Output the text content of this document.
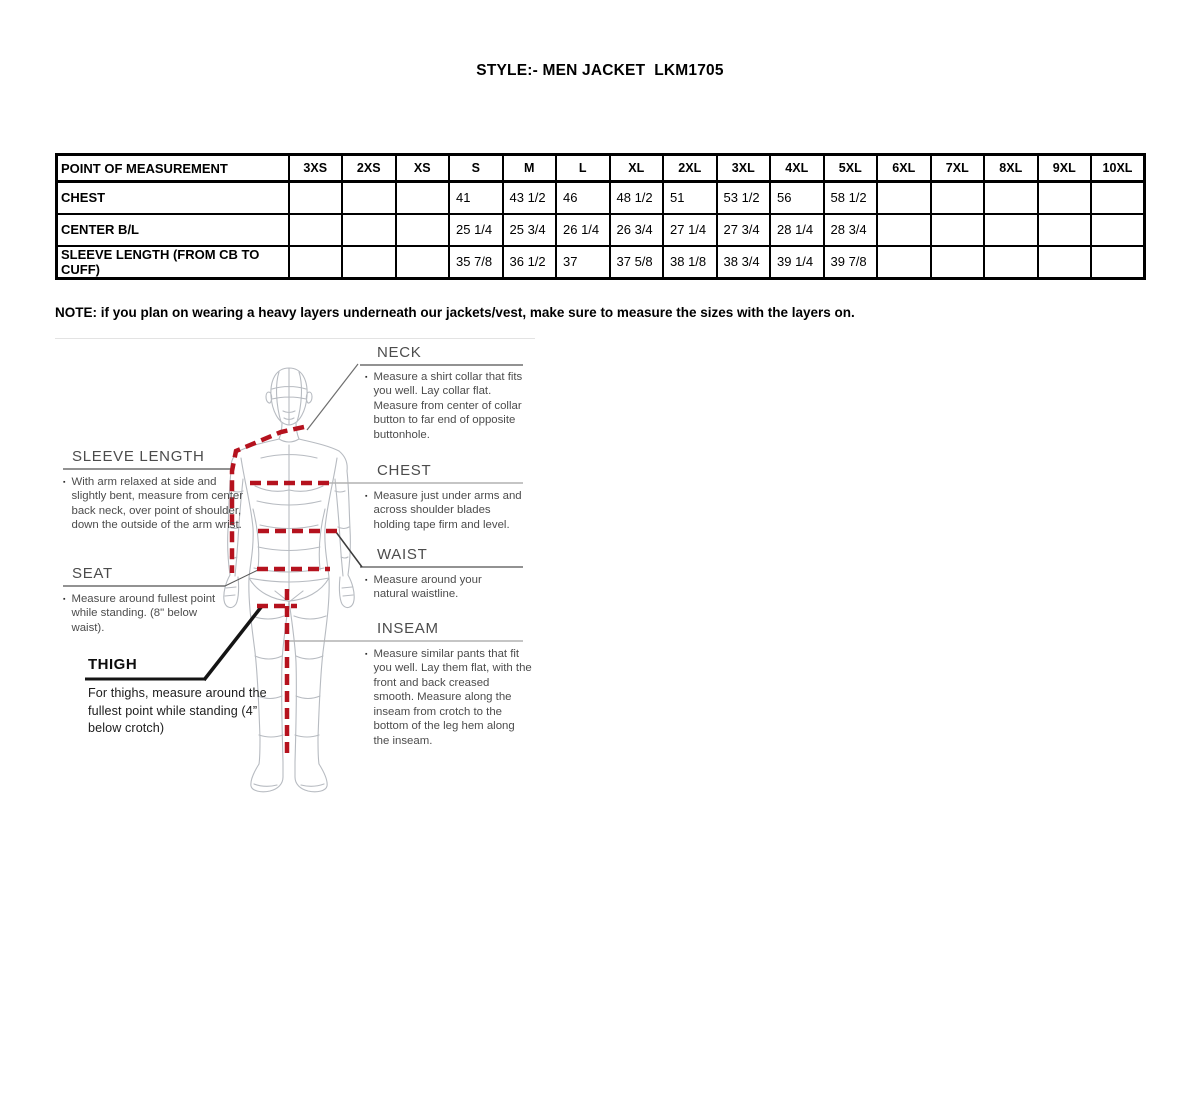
STYLE:- MEN JACKET  LKM1705
POINT OF MEASUREMENT	3XS	2XS	XS	S	M	L	XL	2XL	3XL	4XL	5XL	6XL	7XL	8XL	9XL	10XL
CHEST				41	43 1/2	46	48 1/2	51	53 1/2	56	58 1/2					
CENTER B/L				25 1/4	25 3/4	26 1/4	26 3/4	27 1/4	27 3/4	28 1/4	28 3/4					
SLEEVE LENGTH (FROM CB TO CUFF)				35 7/8	36 1/2	37	37 5/8	38 1/8	38 3/4	39 1/4	39 7/8					
NOTE: if you plan on wearing a heavy layers underneath our jackets/vest, make sure to measure the sizes with the layers on.
NECK
SLEEVE LENGTH
CHEST
WAIST
SEAT
INSEAM
THIGH
▪ Measure a shirt collar that fits you well. Lay collar flat. Measure from center of collar button to far end of opposite buttonhole.
▪ With arm relaxed at side and slightly bent, measure from center back neck, over point of shoulder, down the outside of the arm wrist.
▪ Measure just under arms and across shoulder blades holding tape firm and level.
▪ Measure around your natural waistline.
▪ Measure around fullest point while standing. (8" below waist).
▪ Measure similar pants that fit you well. Lay them flat, with the front and back creased smooth. Measure along the inseam from crotch to the bottom of the leg hem along the inseam.
For thighs, measure around the fullest point while standing (4” below crotch)
